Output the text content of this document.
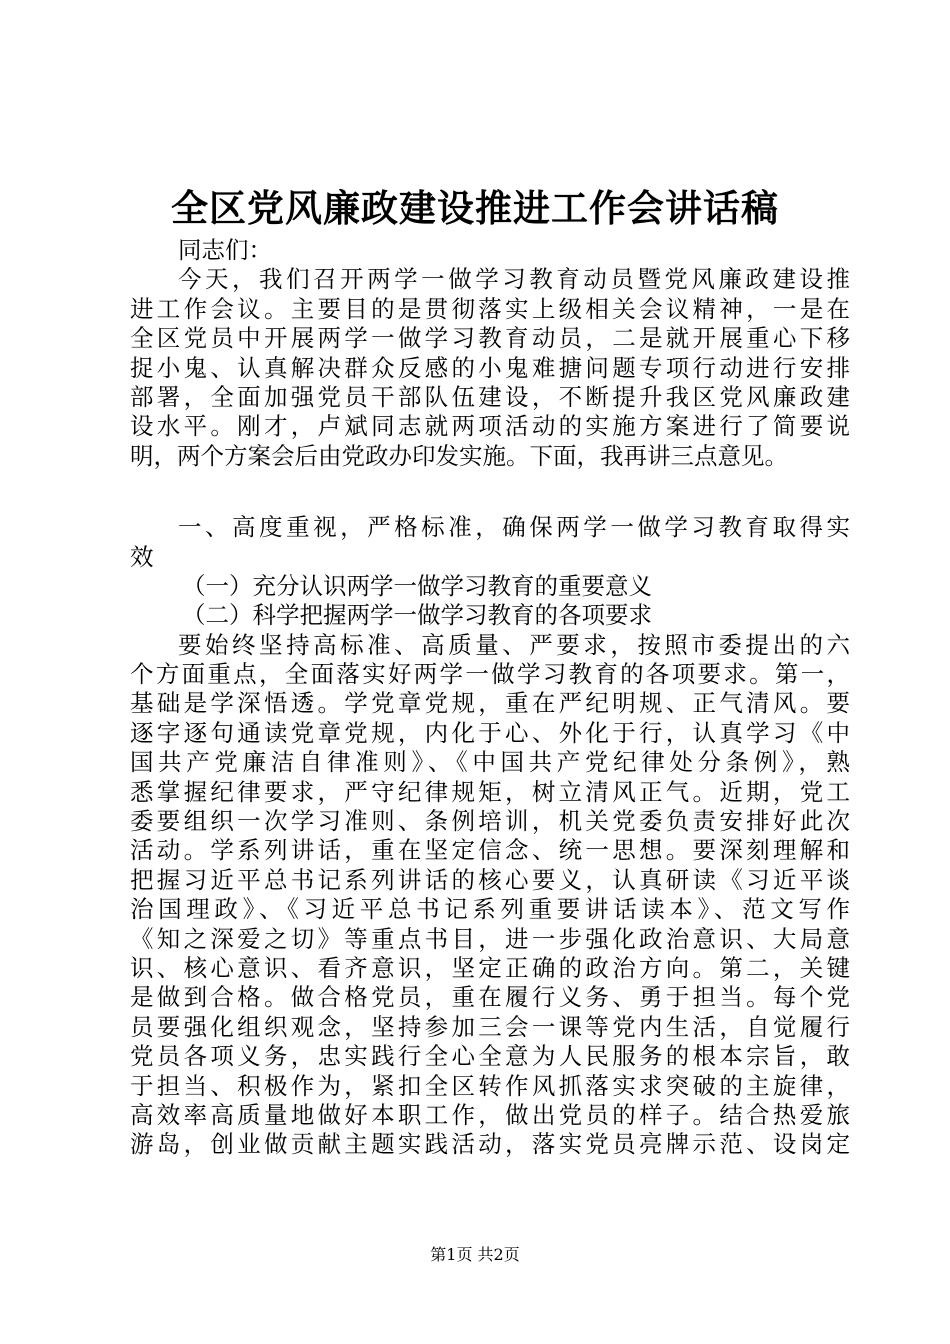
全区党风廉政建设推进工作会讲话稿
同志们：
今天，我们召开两学一做学习教育动员暨党风廉政建设推
进工作会议。主要目的是贯彻落实上级相关会议精神，一是在
全区党员中开展两学一做学习教育动员，二是就开展重心下移
捉小鬼、认真解决群众反感的小鬼难搪问题专项行动进行安排
部署，全面加强党员干部队伍建设，不断提升我区党风廉政建
设水平。刚才，卢斌同志就两项活动的实施方案进行了简要说
明，两个方案会后由党政办印发实施。下面，我再讲三点意见。
一、高度重视，严格标准，确保两学一做学习教育取得实
效
（一）充分认识两学一做学习教育的重要意义
（二）科学把握两学一做学习教育的各项要求
要始终坚持高标准、高质量、严要求，按照市委提出的六
个方面重点，全面落实好两学一做学习教育的各项要求。第一，
基础是学深悟透。学党章党规，重在严纪明规、正气清风。要
逐字逐句通读党章党规，内化于心、外化于行，认真学习《中
国共产党廉洁自律准则》、《中国共产党纪律处分条例》，熟
悉掌握纪律要求，严守纪律规矩，树立清风正气。近期，党工
委要组织一次学习准则、条例培训，机关党委负责安排好此次
活动。学系列讲话，重在坚定信念、统一思想。要深刻理解和
把握习近平总书记系列讲话的核心要义，认真研读《习近平谈
治国理政》、《习近平总书记系列重要讲话读本》、范文写作
《知之深爱之切》等重点书目，进一步强化政治意识、大局意
识、核心意识、看齐意识，坚定正确的政治方向。第二，关键
是做到合格。做合格党员，重在履行义务、勇于担当。每个党
员要强化组织观念，坚持参加三会一课等党内生活，自觉履行
党员各项义务，忠实践行全心全意为人民服务的根本宗旨，敢
于担当、积极作为，紧扣全区转作风抓落实求突破的主旋律，
高效率高质量地做好本职工作，做出党员的样子。结合热爱旅
游岛，创业做贡献主题实践活动，落实党员亮牌示范、设岗定
第1页 共2页
